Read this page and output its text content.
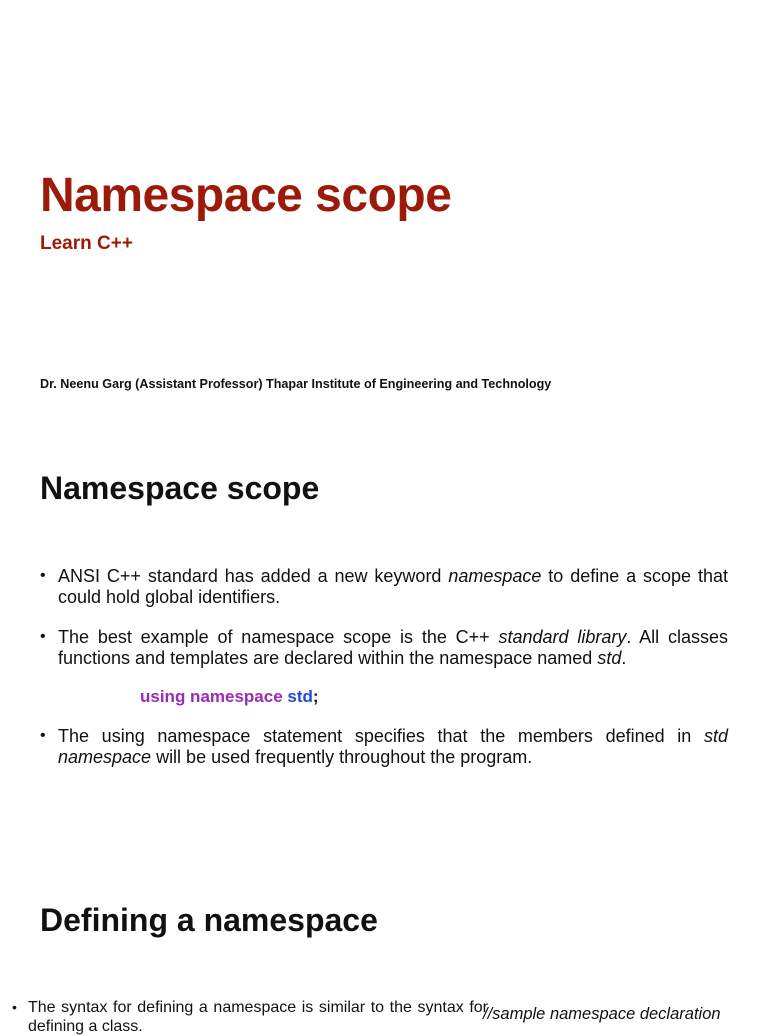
Namespace scope

Learn C++

Dr. Neenu Garg (Assistant Professor) Thapar Institute of Engineering and Technology

Namespace scope
• ANSI C++ standard has added a new keyword namespace to define a scope that could hold global identifiers.
• The best example of namespace scope is the C++ standard library. All classes functions and templates are declared within the namespace named std.
using namespace std;
• The using namespace statement specifies that the members defined in std namespace will be used frequently throughout the program.
Defining a namespace
• The syntax for defining a namespace is similar to the syntax for defining a class.

//sample namespace declaration
